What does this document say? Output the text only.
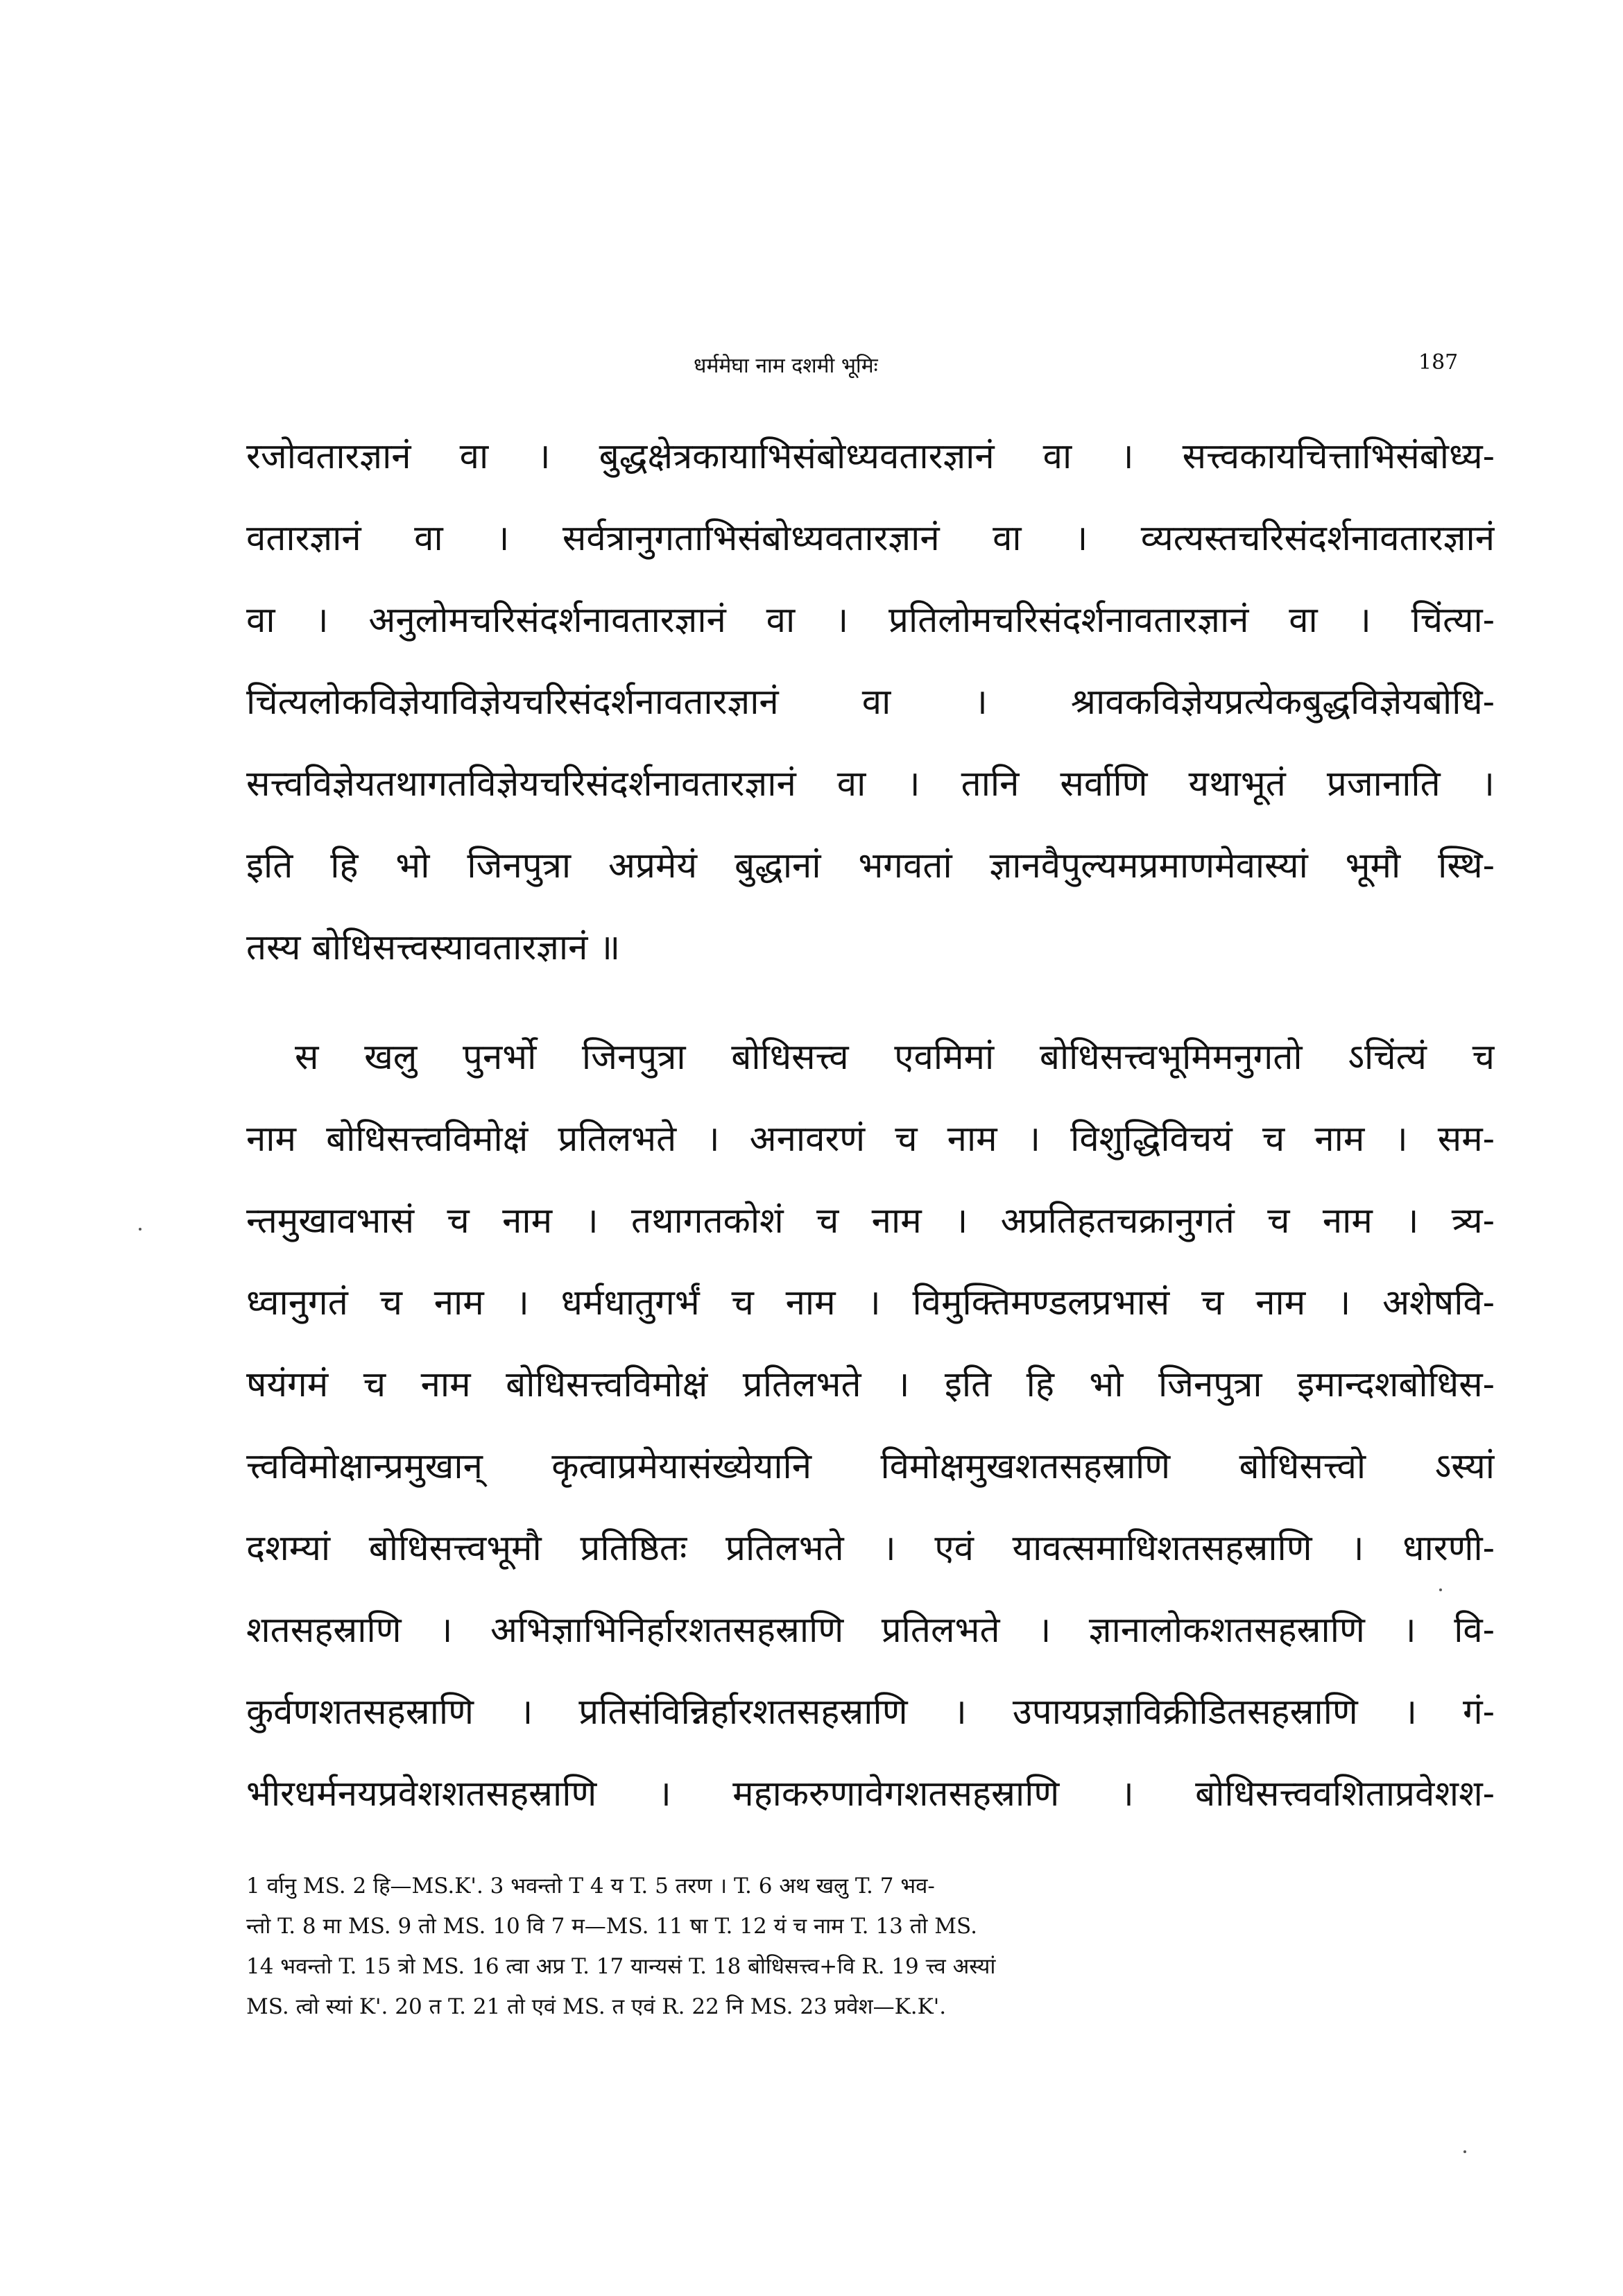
धर्ममेघा नाम दशमी भूमिः	187
रजोवतारज्ञानं वा । बुद्धक्षेत्रकायाभिसंबोध्यवतारज्ञानं वा । सत्त्वकायचित्ताभिसंबोध्य-
वतारज्ञानं वा । सर्वत्रानुगताभिसंबोध्यवतारज्ञानं वा । व्यत्यस्तचरिसंदर्शनावतारज्ञानं
वा । अनुलोमचरिसंदर्शनावतारज्ञानं वा । प्रतिलोमचरिसंदर्शनावतारज्ञानं वा । चिंत्या-
चिंत्यलोकविज्ञेयाविज्ञेयचरिसंदर्शनावतारज्ञानं वा । श्रावकविज्ञेयप्रत्येकबुद्धविज्ञेयबोधि-
सत्त्वविज्ञेयतथागतविज्ञेयचरिसंदर्शनावतारज्ञानं वा । तानि सर्वाणि यथाभूतं प्रजानाति ।
इति हि भो जिनपुत्रा अप्रमेयं बुद्धानां भगवतां ज्ञानवैपुल्यमप्रमाणमेवास्यां भूमौ स्थि-
तस्य बोधिसत्त्वस्यावतारज्ञानं ॥
स खलु पुनर्भो जिनपुत्रा बोधिसत्त्व एवमिमां बोधिसत्त्वभूमिमनुगतो ऽचिंत्यं च
नाम बोधिसत्त्वविमोक्षं प्रतिलभते । अनावरणं च नाम । विशुद्धिविचयं च नाम । सम-
न्तमुखावभासं च नाम । तथागतकोशं च नाम । अप्रतिहतचक्रानुगतं च नाम । त्र्य-
ध्वानुगतं च नाम । धर्मधातुगर्भं च नाम । विमुक्तिमण्डलप्रभासं च नाम । अशेषवि-
षयंगमं च नाम बोधिसत्त्वविमोक्षं प्रतिलभते । इति हि भो जिनपुत्रा इमान्दशबोधिस-
त्त्वविमोक्षान्प्रमुखान् कृत्वाप्रमेयासंख्येयानि विमोक्षमुखशतसहस्राणि बोधिसत्त्वो ऽस्यां
दशम्यां बोधिसत्त्वभूमौ प्रतिष्ठितः प्रतिलभते । एवं यावत्समाधिशतसहस्राणि । धारणी-
शतसहस्राणि । अभिज्ञाभिनिर्हारशतसहस्राणि प्रतिलभते । ज्ञानालोकशतसहस्राणि । वि-
कुर्वणशतसहस्राणि । प्रतिसंविन्निर्हारशतसहस्राणि । उपायप्रज्ञाविक्रीडितसहस्राणि । गं-
भीरधर्मनयप्रवेशशतसहस्राणि । महाकरुणावेगशतसहस्राणि । बोधिसत्त्ववशिताप्रवेशश-
1 र्वानु MS. 2 हि—MS.K'. 3 भवन्तो T 4 य T. 5 तरण । T. 6 अथ खलु T. 7 भव-
न्तो T. 8 मा MS. 9 तो MS. 10 वि 7 म—MS. 11 षा T. 12 यं च नाम T. 13 तो MS.
14 भवन्तो T. 15 त्रो MS. 16 त्वा अप्र T. 17 यान्यसं T. 18 बोधिसत्त्व+वि R. 19 त्त्व अस्यां
MS. त्वो स्यां K'. 20 त T. 21 तो एवं MS. त एवं R. 22 नि MS. 23 प्रवेश—K.K'.
